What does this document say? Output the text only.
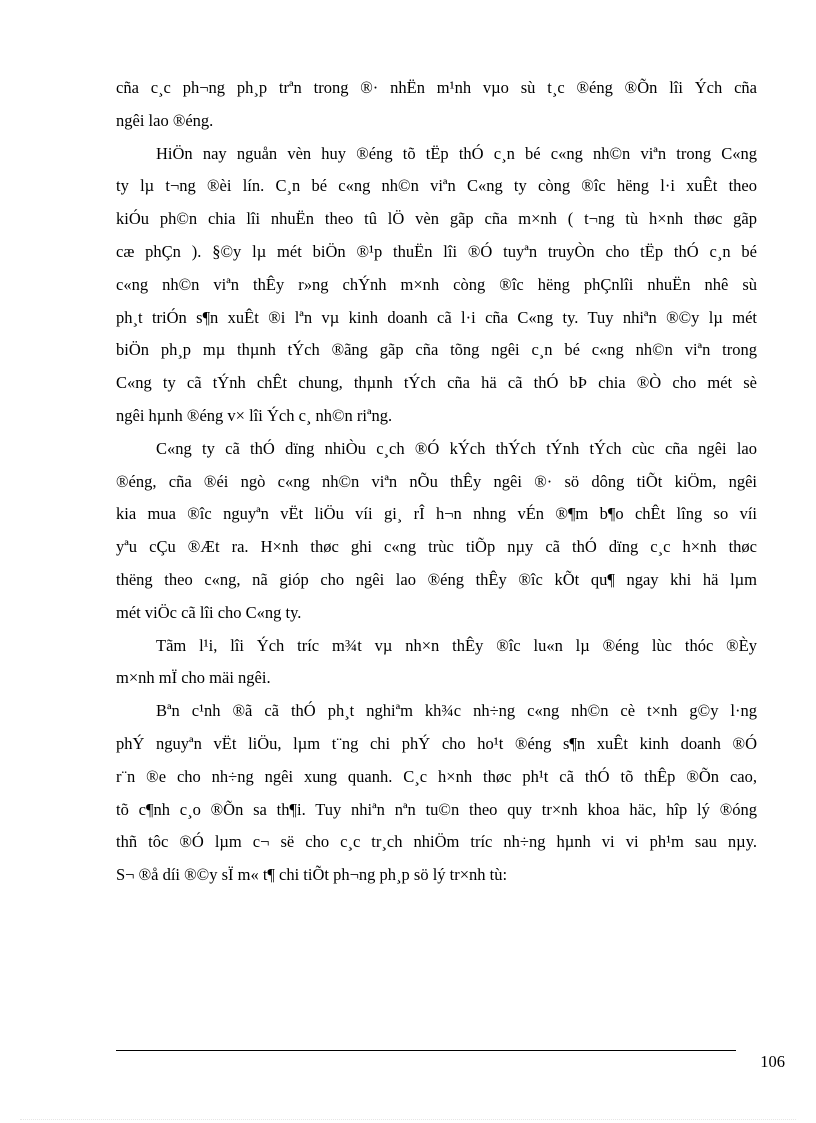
cña c¸c ph¬ng ph¸p trªn trong ®· nhËn m¹nh vµo sù t¸c ®éng ®Õn lîi Ých cña
ngêi lao ®éng.
HiÖn nay nguån vèn huy ®éng tõ tËp thÓ c¸n bé c«ng nh©n viªn trong C«ng
ty lµ t¬ng ®èi lín. C¸n bé c«ng nh©n viªn C«ng ty còng ®îc hëng l·i xuÊt theo
kiÓu ph©n chia lîi nhuËn theo tû lÖ vèn gãp cña m×nh ( t¬ng tù h×nh thøc gãp
cæ phÇn ). §©y lµ mét biÖn ®¹p thuËn lîi ®Ó tuyªn truyÒn cho tËp thÓ c¸n bé
c«ng nh©n viªn thÊy r»ng chÝnh m×nh còng ®îc hëng phÇnlîi nhuËn nhê sù
ph¸t triÓn s¶n xuÊt ®i lªn vµ kinh doanh cã l·i cña C«ng ty. Tuy nhiªn ®©y lµ mét
biÖn ph¸p mµ thµnh tÝch ®ãng gãp cña tõng ngêi c¸n bé c«ng nh©n viªn trong
C«ng ty cã tÝnh chÊt chung, thµnh tÝch cña hä cã thÓ bÞ chia ®Ò cho mét sè
ngêi hµnh ®éng v× lîi Ých c¸ nh©n riªng.
C«ng ty cã thÓ dïng nhiÒu c¸ch ®Ó kÝch thÝch tÝnh tÝch cùc cña ngêi lao
®éng, cña ®éi ngò c«ng nh©n viªn nÕu thÊy ngêi ®· sö dông tiÕt kiÖm, ngêi
kia mua ®îc nguyªn vËt liÖu víi gi¸ rÎ h¬n nhng vÉn ®¶m b¶o chÊt lîng so víi
yªu cÇu ®Æt ra. H×nh thøc ghi c«ng trùc tiÕp nµy cã thÓ dïng c¸c h×nh thøc
thëng theo c«ng, nã gióp cho ngêi lao ®éng thÊy ®îc kÕt qu¶ ngay khi hä lµm
mét viÖc cã lîi cho C«ng ty.
Tãm l¹i, lîi Ých tríc m¾t vµ nh×n thÊy ®îc lu«n lµ ®éng lùc thóc ®Èy
m×nh mÏ cho mäi ngêi.
Bªn c¹nh ®ã cã thÓ ph¸t nghiªm kh¾c nh÷ng c«ng nh©n cè t×nh g©y l·ng
phÝ nguyªn vËt liÖu, lµm t¨ng chi phÝ cho ho¹t ®éng s¶n xuÊt kinh doanh ®Ó
r¨n ®e cho nh÷ng ngêi xung quanh. C¸c h×nh thøc ph¹t cã thÓ tõ thÊp ®Õn cao,
tõ c¶nh c¸o ®Õn sa th¶i. Tuy nhiªn nªn tu©n theo quy tr×nh khoa häc, hîp lý ®óng
thñ tôc ®Ó lµm c¬ së cho c¸c tr¸ch nhiÖm tríc nh÷ng hµnh vi vi ph¹m sau nµy.
S¬ ®å díi ®©y sÏ m« t¶ chi tiÕt ph¬ng ph¸p sö lý tr×nh tù:
106
